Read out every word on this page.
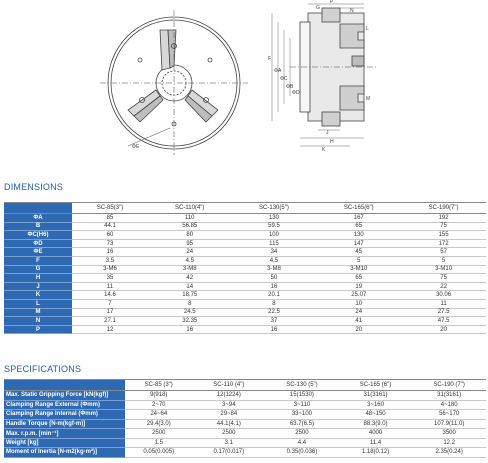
ΦE
F
ΦA
ΦC
ΦB
ΦD
H
K
J
G
P
N
L
M
DIMENSIONS
	SC-85(3")	SC-110(4")	SC-130(5")	SC-165(6")	SC-190(7")
ΦA	85	110	130	167	192
B	44.1	56.85	59.5	65	75
ΦC(H6)	60	80	100	130	155
ΦD	73	95	115	147	172
ΦE	16	24	34	45	57
F	3.5	4.5	4.5	5	5
G	3-M6	3-M8	3-M8	3-M10	3-M10
H	35	42	50	65	75
J	11	14	16	19	22
K	14.6	18.75	20.1	25.07	30.06
L	7	8	8	10	11
M	17	24.5	22.5	24	27.5
N	27.1	32.35	37	41	47.5
P	12	16	16	20	20
SPECIFICATIONS
	SC-85 (3")	SC-110 (4")	SC-130 (5")	SC-165 (6")	SC-190 (7")
Max. Static Gripping Force [kN(kgf)]	9(918)	12(1224)	15(1530)	31(3161)	31(3161)
Clamping Range External (Φmm)	2~70	3~94	3~110	3~160	4~180
Clamping Range Internal (Φmm)	24~64	29~84	33~100	48~150	56~170
Handle Torque [N-m(kgf-m)]	29.4(3.0)	44.1(4.1)	63.7(6.5)	88.3(9.0)	107.9(11.0)
Max. r.p.m. [min⁻¹]	2500	2500	2500	4000	3500
Weight [kg]	1.5	3.1	4.4	11.4	12.2
Moment of Inertia [N-m2(kg-m²)]	0.05(0.005)	0.17(0.017)	0.35(0.036)	1.18(0.12)	2.35(0.24)
